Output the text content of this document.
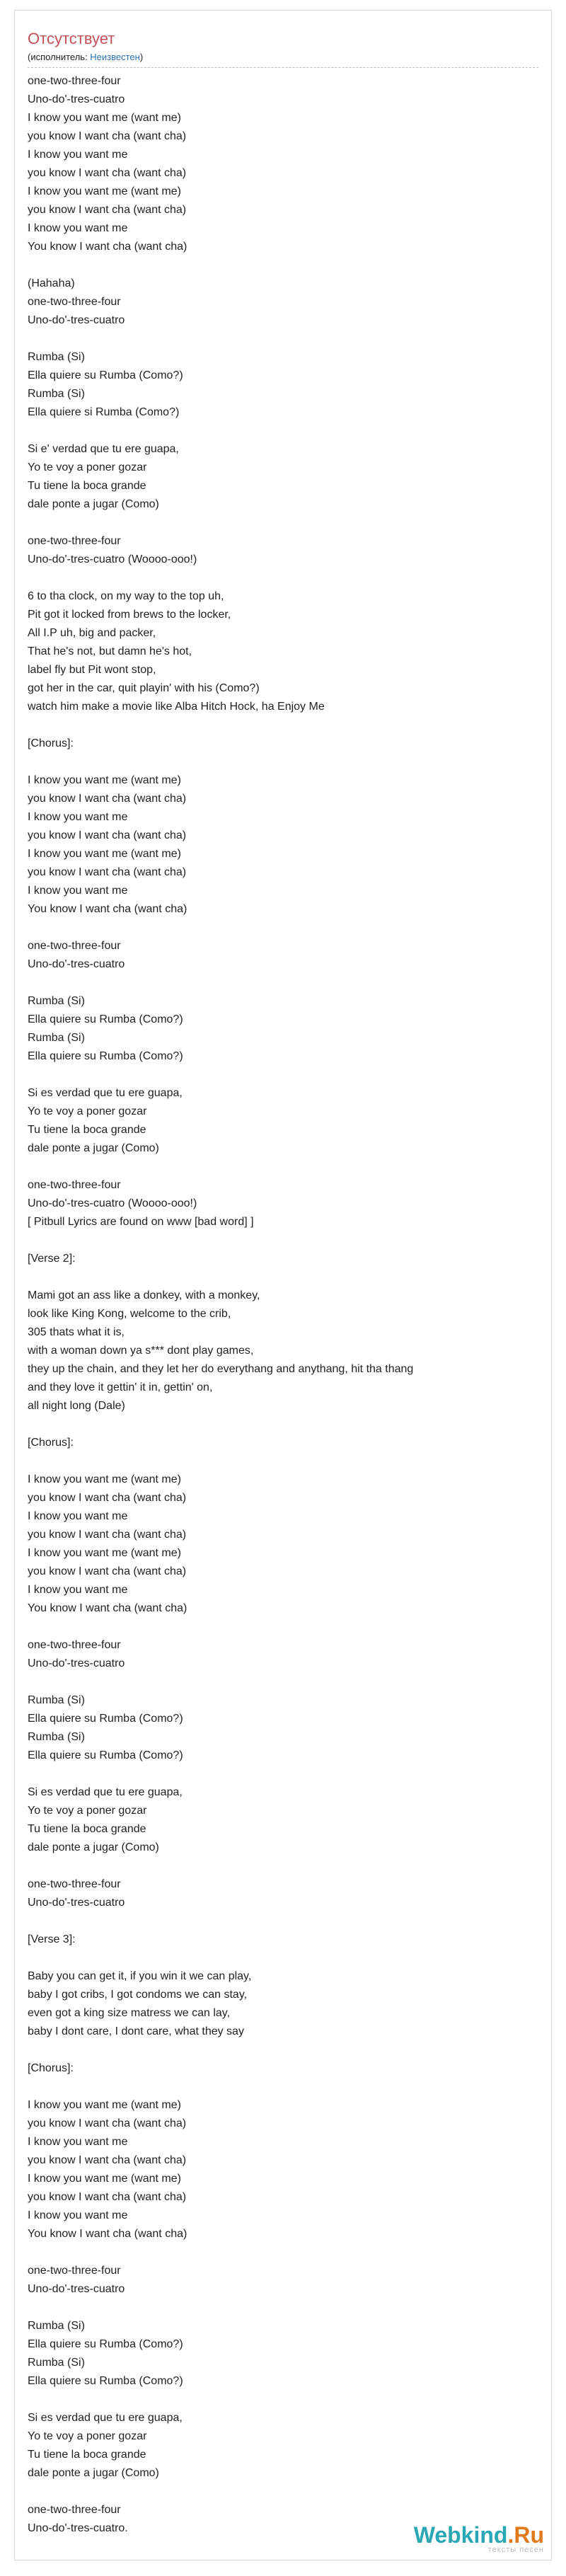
Отсутствует
(исполнитель: Неизвестен)
one-two-three-four
Uno-do'-tres-cuatro
I know you want me (want me)
you know I want cha (want cha)
I know you want me
you know I want cha (want cha)
I know you want me (want me)
you know I want cha (want cha)
I know you want me
You know I want cha (want cha)
(Hahaha)
one-two-three-four
Uno-do'-tres-cuatro
Rumba (Si)
Ella quiere su Rumba (Como?)
Rumba (Si)
Ella quiere si Rumba (Como?)
Si e' verdad que tu ere guapa,
Yo te voy a poner gozar
Tu tiene la boca grande
dale ponte a jugar (Como)
one-two-three-four
Uno-do'-tres-cuatro (Woooo-ooo!)
6 to tha clock, on my way to the top uh,
Pit got it locked from brews to the locker,
All I.P uh, big and packer,
That he's not, but damn he's hot,
label fly but Pit wont stop,
got her in the car, quit playin' with his (Como?)
watch him make a movie like Alba Hitch Hock, ha Enjoy Me
[Chorus]:
I know you want me (want me)
you know I want cha (want cha)
I know you want me
you know I want cha (want cha)
I know you want me (want me)
you know I want cha (want cha)
I know you want me
You know I want cha (want cha)
one-two-three-four
Uno-do'-tres-cuatro
Rumba (Si)
Ella quiere su Rumba (Como?)
Rumba (Si)
Ella quiere su Rumba (Como?)
Si es verdad que tu ere guapa,
Yo te voy a poner gozar
Tu tiene la boca grande
dale ponte a jugar (Como)
one-two-three-four
Uno-do'-tres-cuatro (Woooo-ooo!)
[ Pitbull Lyrics are found on www [bad word] ]
[Verse 2]:
Mami got an ass like a donkey, with a monkey,
look like King Kong, welcome to the crib,
305 thats what it is,
with a woman down ya s*** dont play games,
they up the chain, and they let her do everythang and anythang, hit tha thang
and they love it gettin' it in, gettin' on,
all night long (Dale)
[Chorus]:
I know you want me (want me)
you know I want cha (want cha)
I know you want me
you know I want cha (want cha)
I know you want me (want me)
you know I want cha (want cha)
I know you want me
You know I want cha (want cha)
one-two-three-four
Uno-do'-tres-cuatro
Rumba (Si)
Ella quiere su Rumba (Como?)
Rumba (Si)
Ella quiere su Rumba (Como?)
Si es verdad que tu ere guapa,
Yo te voy a poner gozar
Tu tiene la boca grande
dale ponte a jugar (Como)
one-two-three-four
Uno-do'-tres-cuatro
[Verse 3]:
Baby you can get it, if you win it we can play,
baby I got cribs, I got condoms we can stay,
even got a king size matress we can lay,
baby I dont care, I dont care, what they say
[Chorus]:
I know you want me (want me)
you know I want cha (want cha)
I know you want me
you know I want cha (want cha)
I know you want me (want me)
you know I want cha (want cha)
I know you want me
You know I want cha (want cha)
one-two-three-four
Uno-do'-tres-cuatro
Rumba (Si)
Ella quiere su Rumba (Como?)
Rumba (Si)
Ella quiere su Rumba (Como?)
Si es verdad que tu ere guapa,
Yo te voy a poner gozar
Tu tiene la boca grande
dale ponte a jugar (Como)
one-two-three-four
Uno-do'-tres-cuatro.	Webkind.Ru
тексты песен
